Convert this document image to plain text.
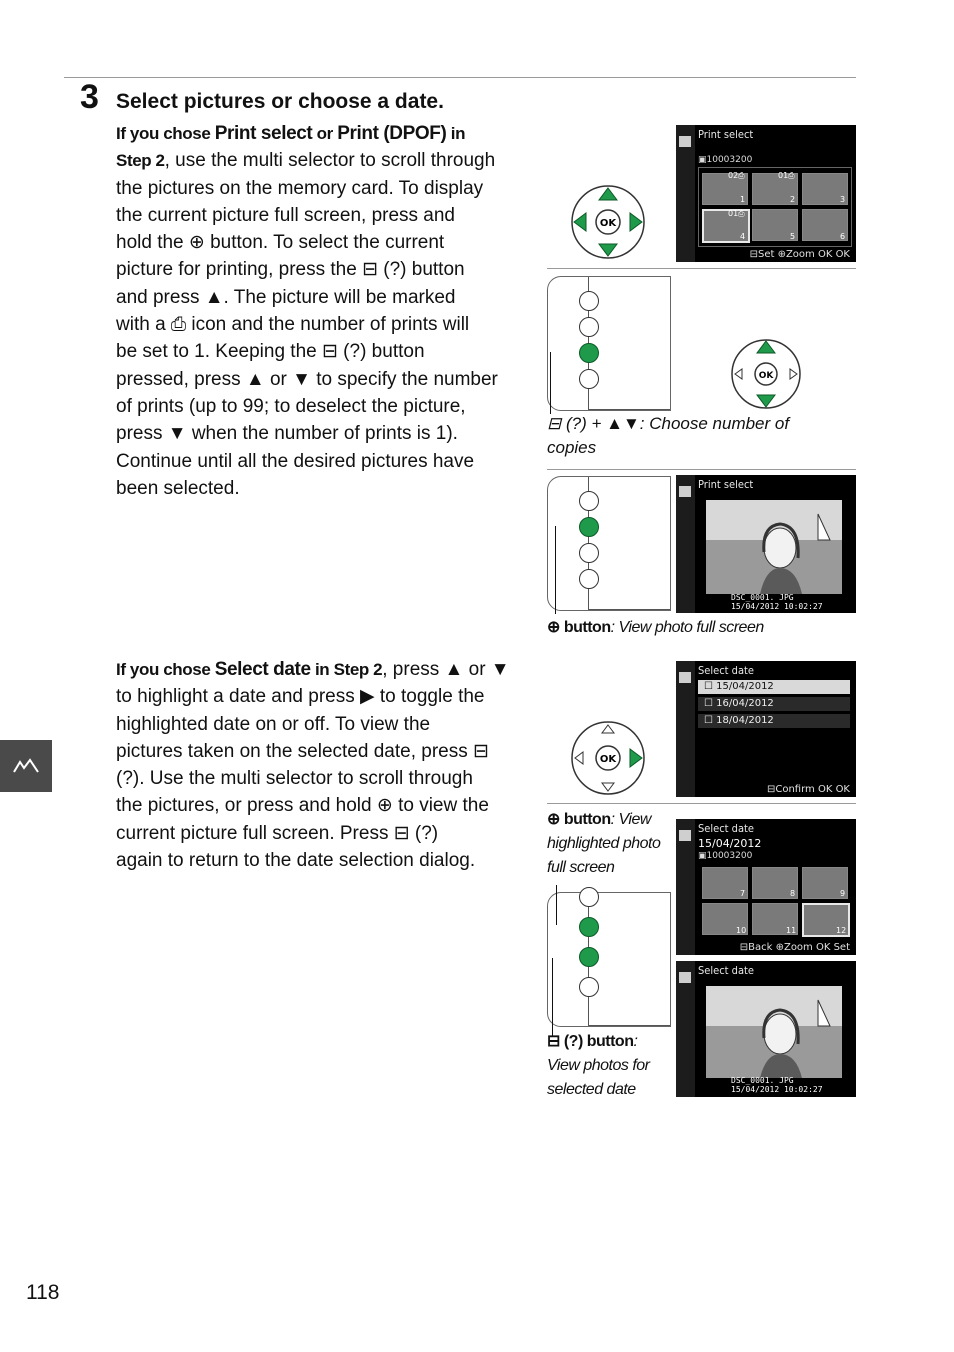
3 Select pictures or choose a date.
If you chose Print select or Print (DPOF) in
Step 2, use the multi selector to scroll through
the pictures on the memory card. To display
the current picture full screen, press and
hold the ⊕ button. To select the current
picture for printing, press the ⊟ (?) button
and press ▲. The picture will be marked
with a ⎙ icon and the number of prints will
be set to 1. Keeping the ⊟ (?) button
pressed, press ▲ or ▼ to specify the number
of prints (up to 99; to deselect the picture,
press ▼ when the number of prints is 1).
Continue until all the desired pictures have
been selected.
If you chose Select date in Step 2, press ▲ or ▼
to highlight a date and press ▶ to toggle the
highlighted date on or off. To view the
pictures taken on the selected date, press ⊟
(?). Use the multi selector to scroll through
the pictures, or press and hold ⊕ to view the
current picture full screen. Press ⊟ (?)
again to return to the date selection dialog.
OK
Print select
▣10003200
02⎙	01⎙
01⎙
1	2	3
4	5	6
⊟Set ⊕Zoom OK OK
OK
⊟ (?) + ▲▼: Choose number of
copies
Print select
DSC_0001. JPG
15/04/2012 10:02:27
⊕ button: View photo full screen
OK
Select date
☐ 15/04/2012
☐ 16/04/2012
☐ 18/04/2012
⊟Confirm OK OK
⊕ button: View
highlighted photo
full screen
Select date
15/04/2012
▣10003200
7	8	9
10	11	12
⊟Back ⊕Zoom OK Set
Select date
DSC_0001. JPG
15/04/2012 10:02:27
⊟ (?) button:
View photos for
selected date
118
